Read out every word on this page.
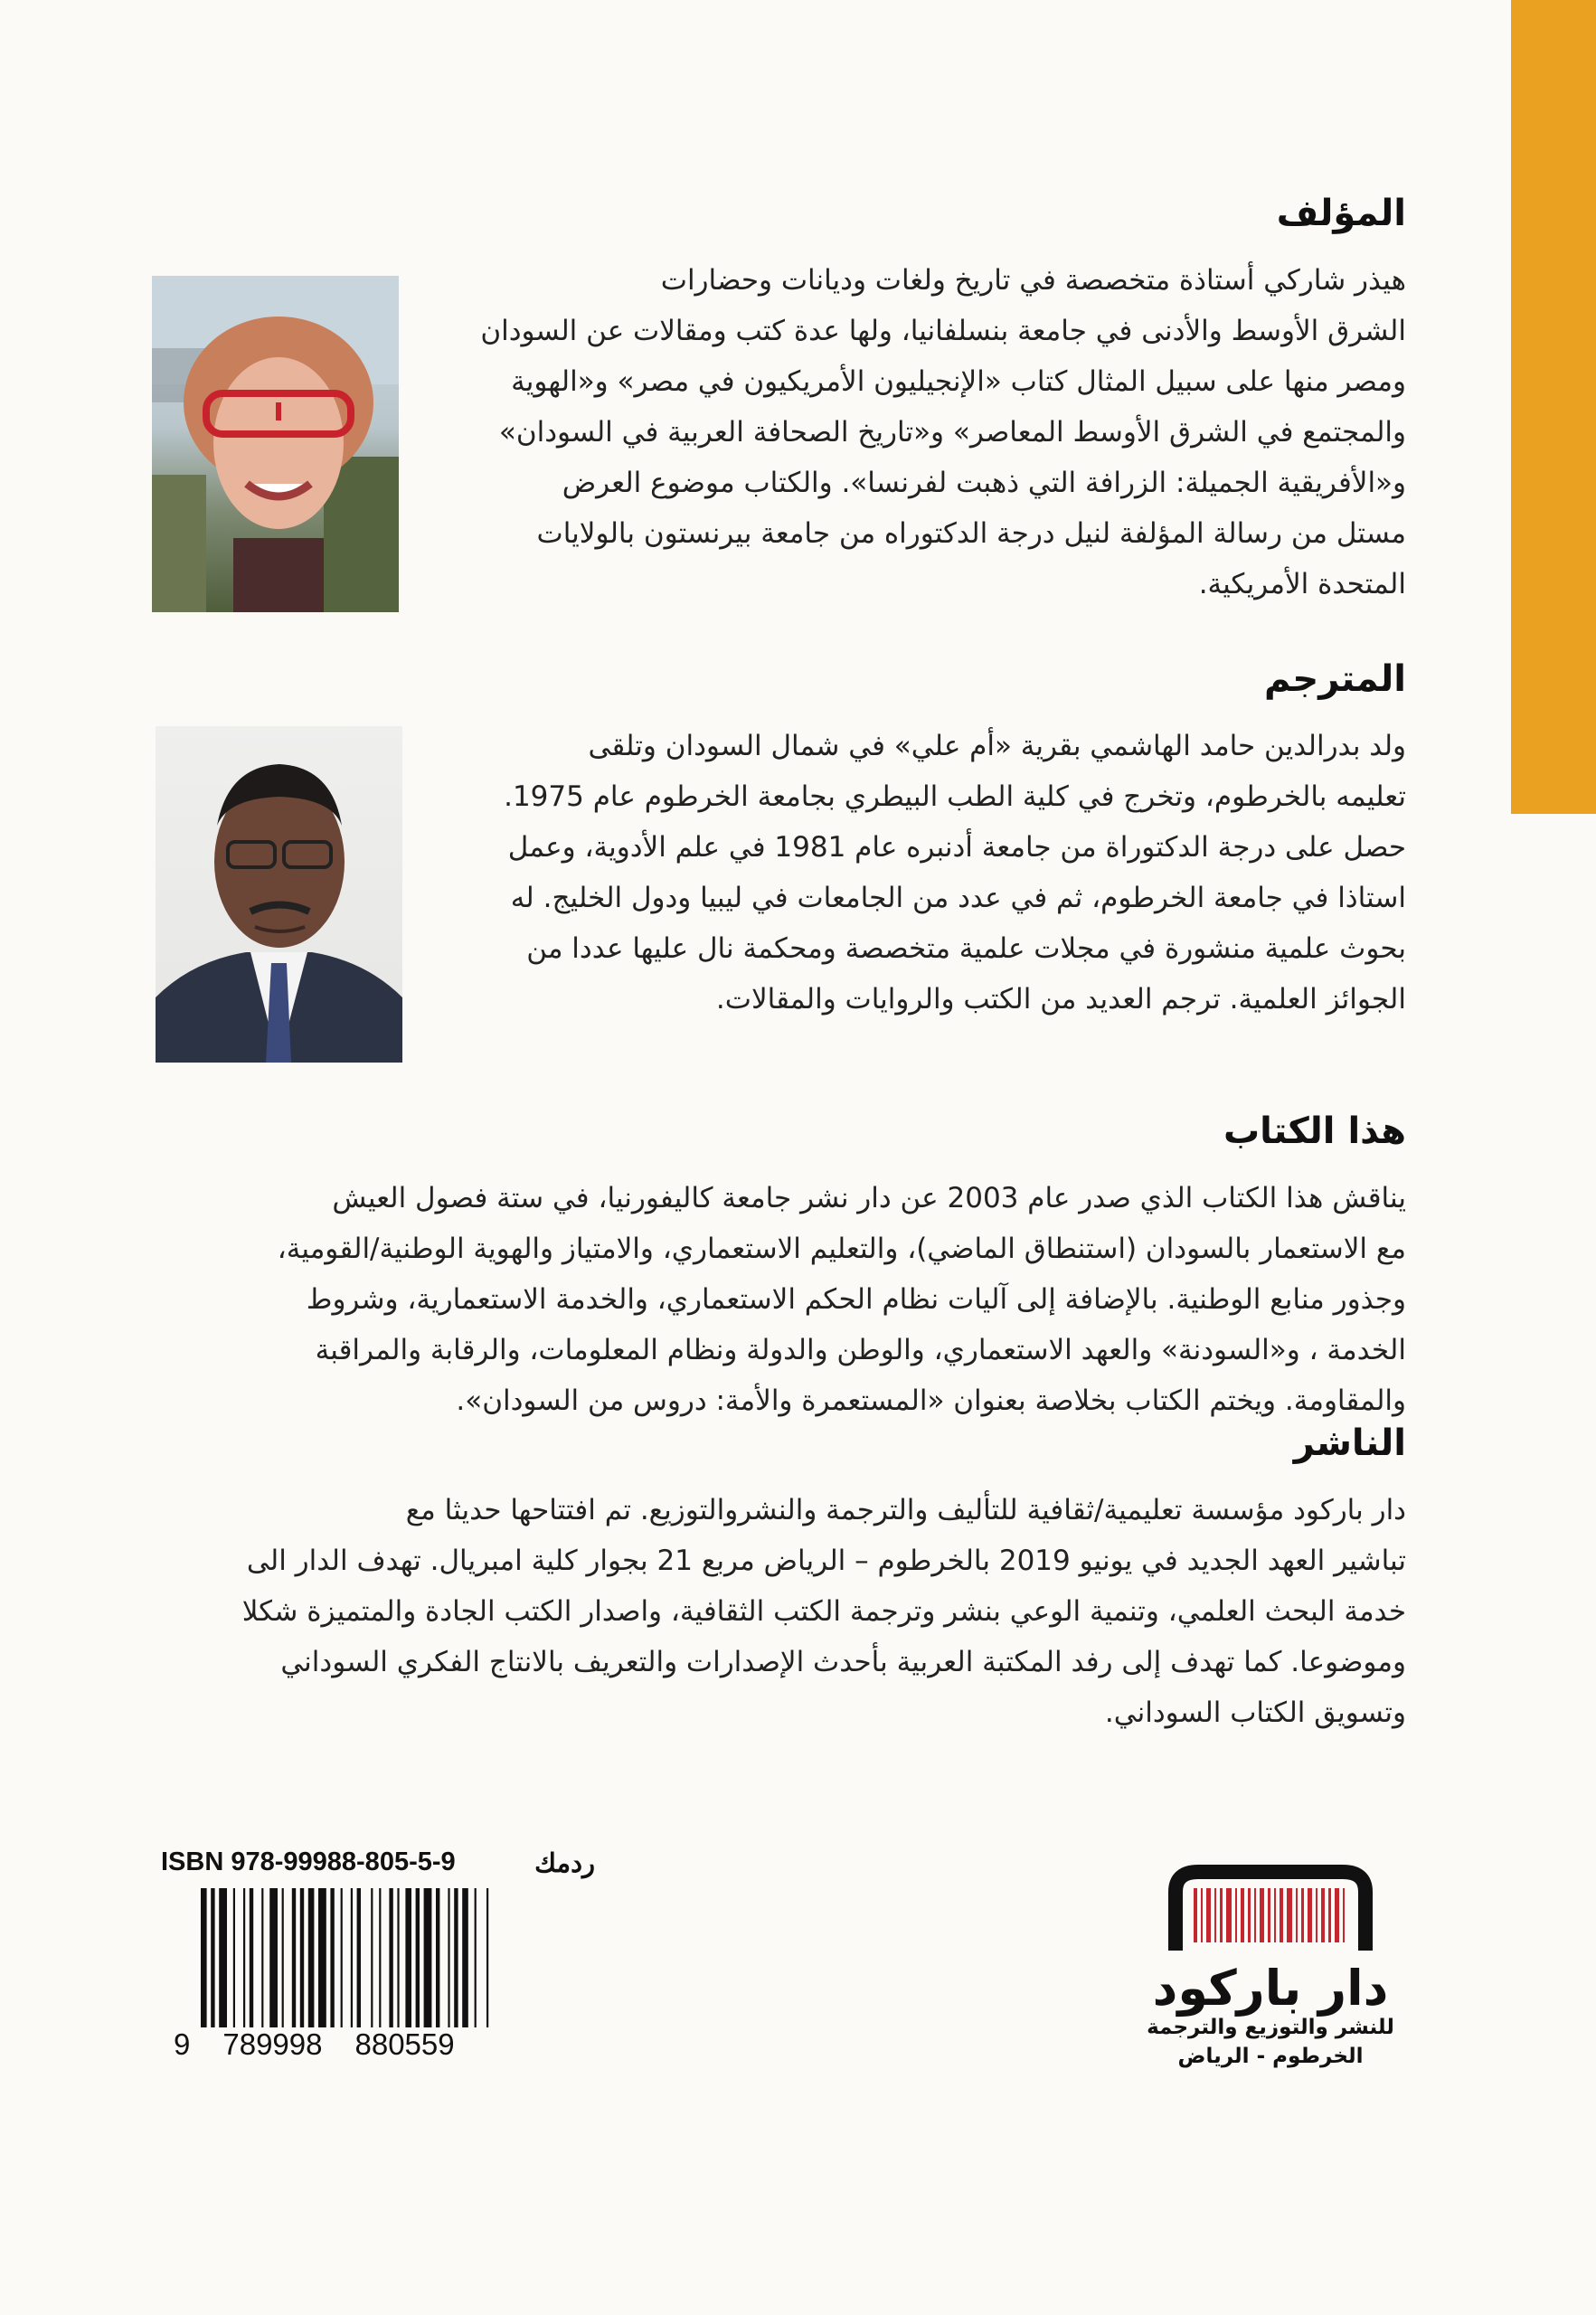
المؤلف

هيذر شاركي أستاذة متخصصة في تاريخ ولغات وديانات وحضارات

الشرق الأوسط والأدنى في جامعة بنسلفانيا، ولها عدة كتب ومقالات عن السودان

ومصر منها على سبيل المثال كتاب «الإنجيليون الأمريكيون في مصر» و«الهوية

والمجتمع في الشرق الأوسط المعاصر» و«تاريخ الصحافة العربية في السودان»

و«الأفريقية الجميلة: الزرافة التي ذهبت لفرنسا». والكتاب موضوع العرض

مستل من رسالة المؤلفة لنيل درجة الدكتوراه من جامعة بيرنستون بالولايات

المتحدة الأمريكية.

المترجم

ولد بدرالدين حامد الهاشمي بقرية «أم علي» في شمال السودان وتلقى

تعليمه بالخرطوم، وتخرج في كلية الطب البيطري بجامعة الخرطوم عام 1975.

حصل على درجة الدكتوراة من جامعة أدنبره عام 1981 في علم الأدوية، وعمل

استاذا في جامعة الخرطوم، ثم في عدد من الجامعات في ليبيا ودول الخليج. له

بحوث علمية منشورة في مجلات علمية متخصصة ومحكمة نال عليها عددا من

الجوائز العلمية. ترجم العديد من الكتب والروايات والمقالات.

هذا الكتاب

يناقش هذا الكتاب الذي صدر عام 2003 عن دار نشر جامعة كاليفورنيا، في ستة فصول العيش

مع الاستعمار بالسودان (استنطاق الماضي)، والتعليم الاستعماري، والامتياز والهوية الوطنية/القومية،

وجذور منابع الوطنية. بالإضافة إلى آليات نظام الحكم الاستعماري، والخدمة الاستعمارية، وشروط

الخدمة ، و«السودنة» والعهد الاستعماري، والوطن والدولة ونظام المعلومات، والرقابة والمراقبة

والمقاومة. ويختم الكتاب بخلاصة بعنوان «المستعمرة والأمة: دروس من السودان».

الناشر

دار باركود مؤسسة تعليمية/ثقافية للتأليف والترجمة والنشروالتوزيع. تم افتتاحها حديثا مع

تباشير العهد الجديد في يونيو 2019 بالخرطوم – الرياض مربع 21 بجوار كلية امبريال. تهدف الدار الى

خدمة البحث العلمي، وتنمية الوعي بنشر وترجمة الكتب الثقافية، واصدار الكتب الجادة والمتميزة شكلا

وموضوعا. كما تهدف إلى رفد المكتبة العربية بأحدث الإصدارات والتعريف بالانتاج الفكري السوداني

وتسويق الكتاب السوداني.

ISBN 978-99988-805-5-9	ردمك
9 789998 880559
دار باركود
للنشر والتوزيع والترجمة
الخرطوم - الرياض
